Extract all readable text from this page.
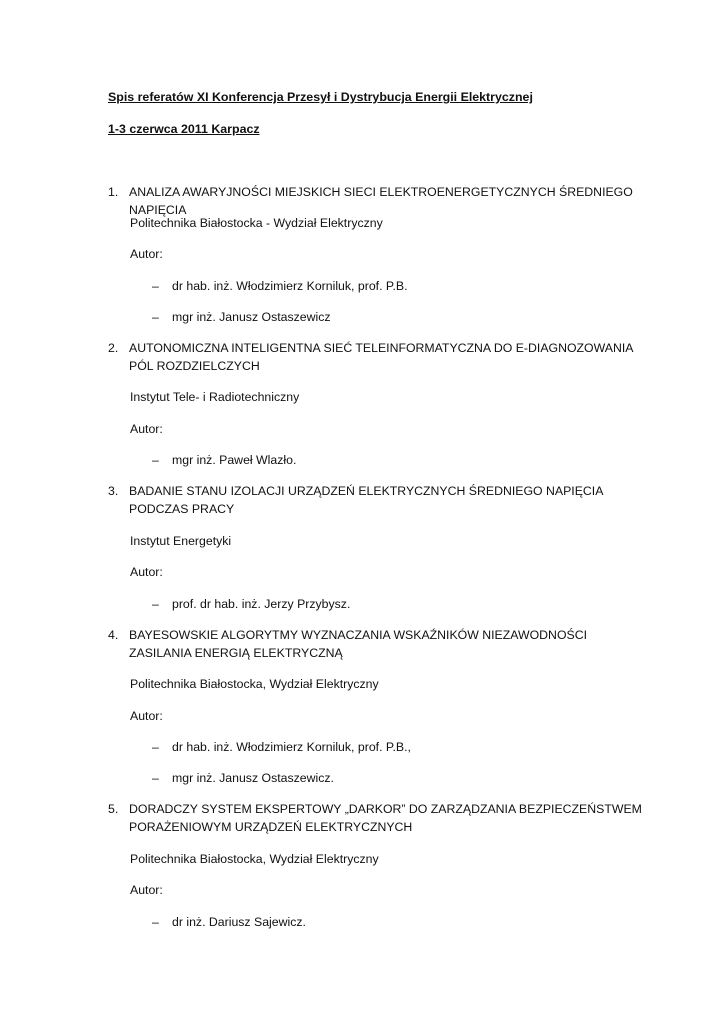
Spis referatów XI Konferencja Przesył i Dystrybucja Energii Elektrycznej
1-3 czerwca 2011 Karpacz
1. ANALIZA AWARYJNOŚCI MIEJSKICH SIECI ELEKTROENERGETYCZNYCH ŚREDNIEGO NAPIĘCIA
Politechnika Białostocka - Wydział Elektryczny
Autor:
– dr hab. inż. Włodzimierz Korniluk, prof. P.B.
– mgr inż. Janusz Ostaszewicz
2. AUTONOMICZNA INTELIGENTNA SIEĆ TELEINFORMATYCZNA DO E-DIAGNOZOWANIA PÓL ROZDZIELCZYCH
Instytut Tele- i Radiotechniczny
Autor:
– mgr inż. Paweł Wlazło.
3. BADANIE STANU IZOLACJI URZĄDZEŃ ELEKTRYCZNYCH ŚREDNIEGO NAPIĘCIA PODCZAS PRACY
Instytut Energetyki
Autor:
– prof. dr hab. inż. Jerzy Przybysz.
4. BAYESOWSKIE ALGORYTMY WYZNACZANIA WSKAŹNIKÓW NIEZAWODNOŚCI ZASILANIA ENERGIĄ ELEKTRYCZNĄ
Politechnika Białostocka, Wydział Elektryczny
Autor:
– dr hab. inż. Włodzimierz Korniluk, prof. P.B.,
– mgr inż. Janusz Ostaszewicz.
5. DORADCZY SYSTEM EKSPERTOWY „DARKOR” DO ZARZĄDZANIA BEZPIECZEŃSTWEM PORAŻENIOWYM URZĄDZEŃ ELEKTRYCZNYCH
Politechnika Białostocka, Wydział Elektryczny
Autor:
– dr inż. Dariusz Sajewicz.
